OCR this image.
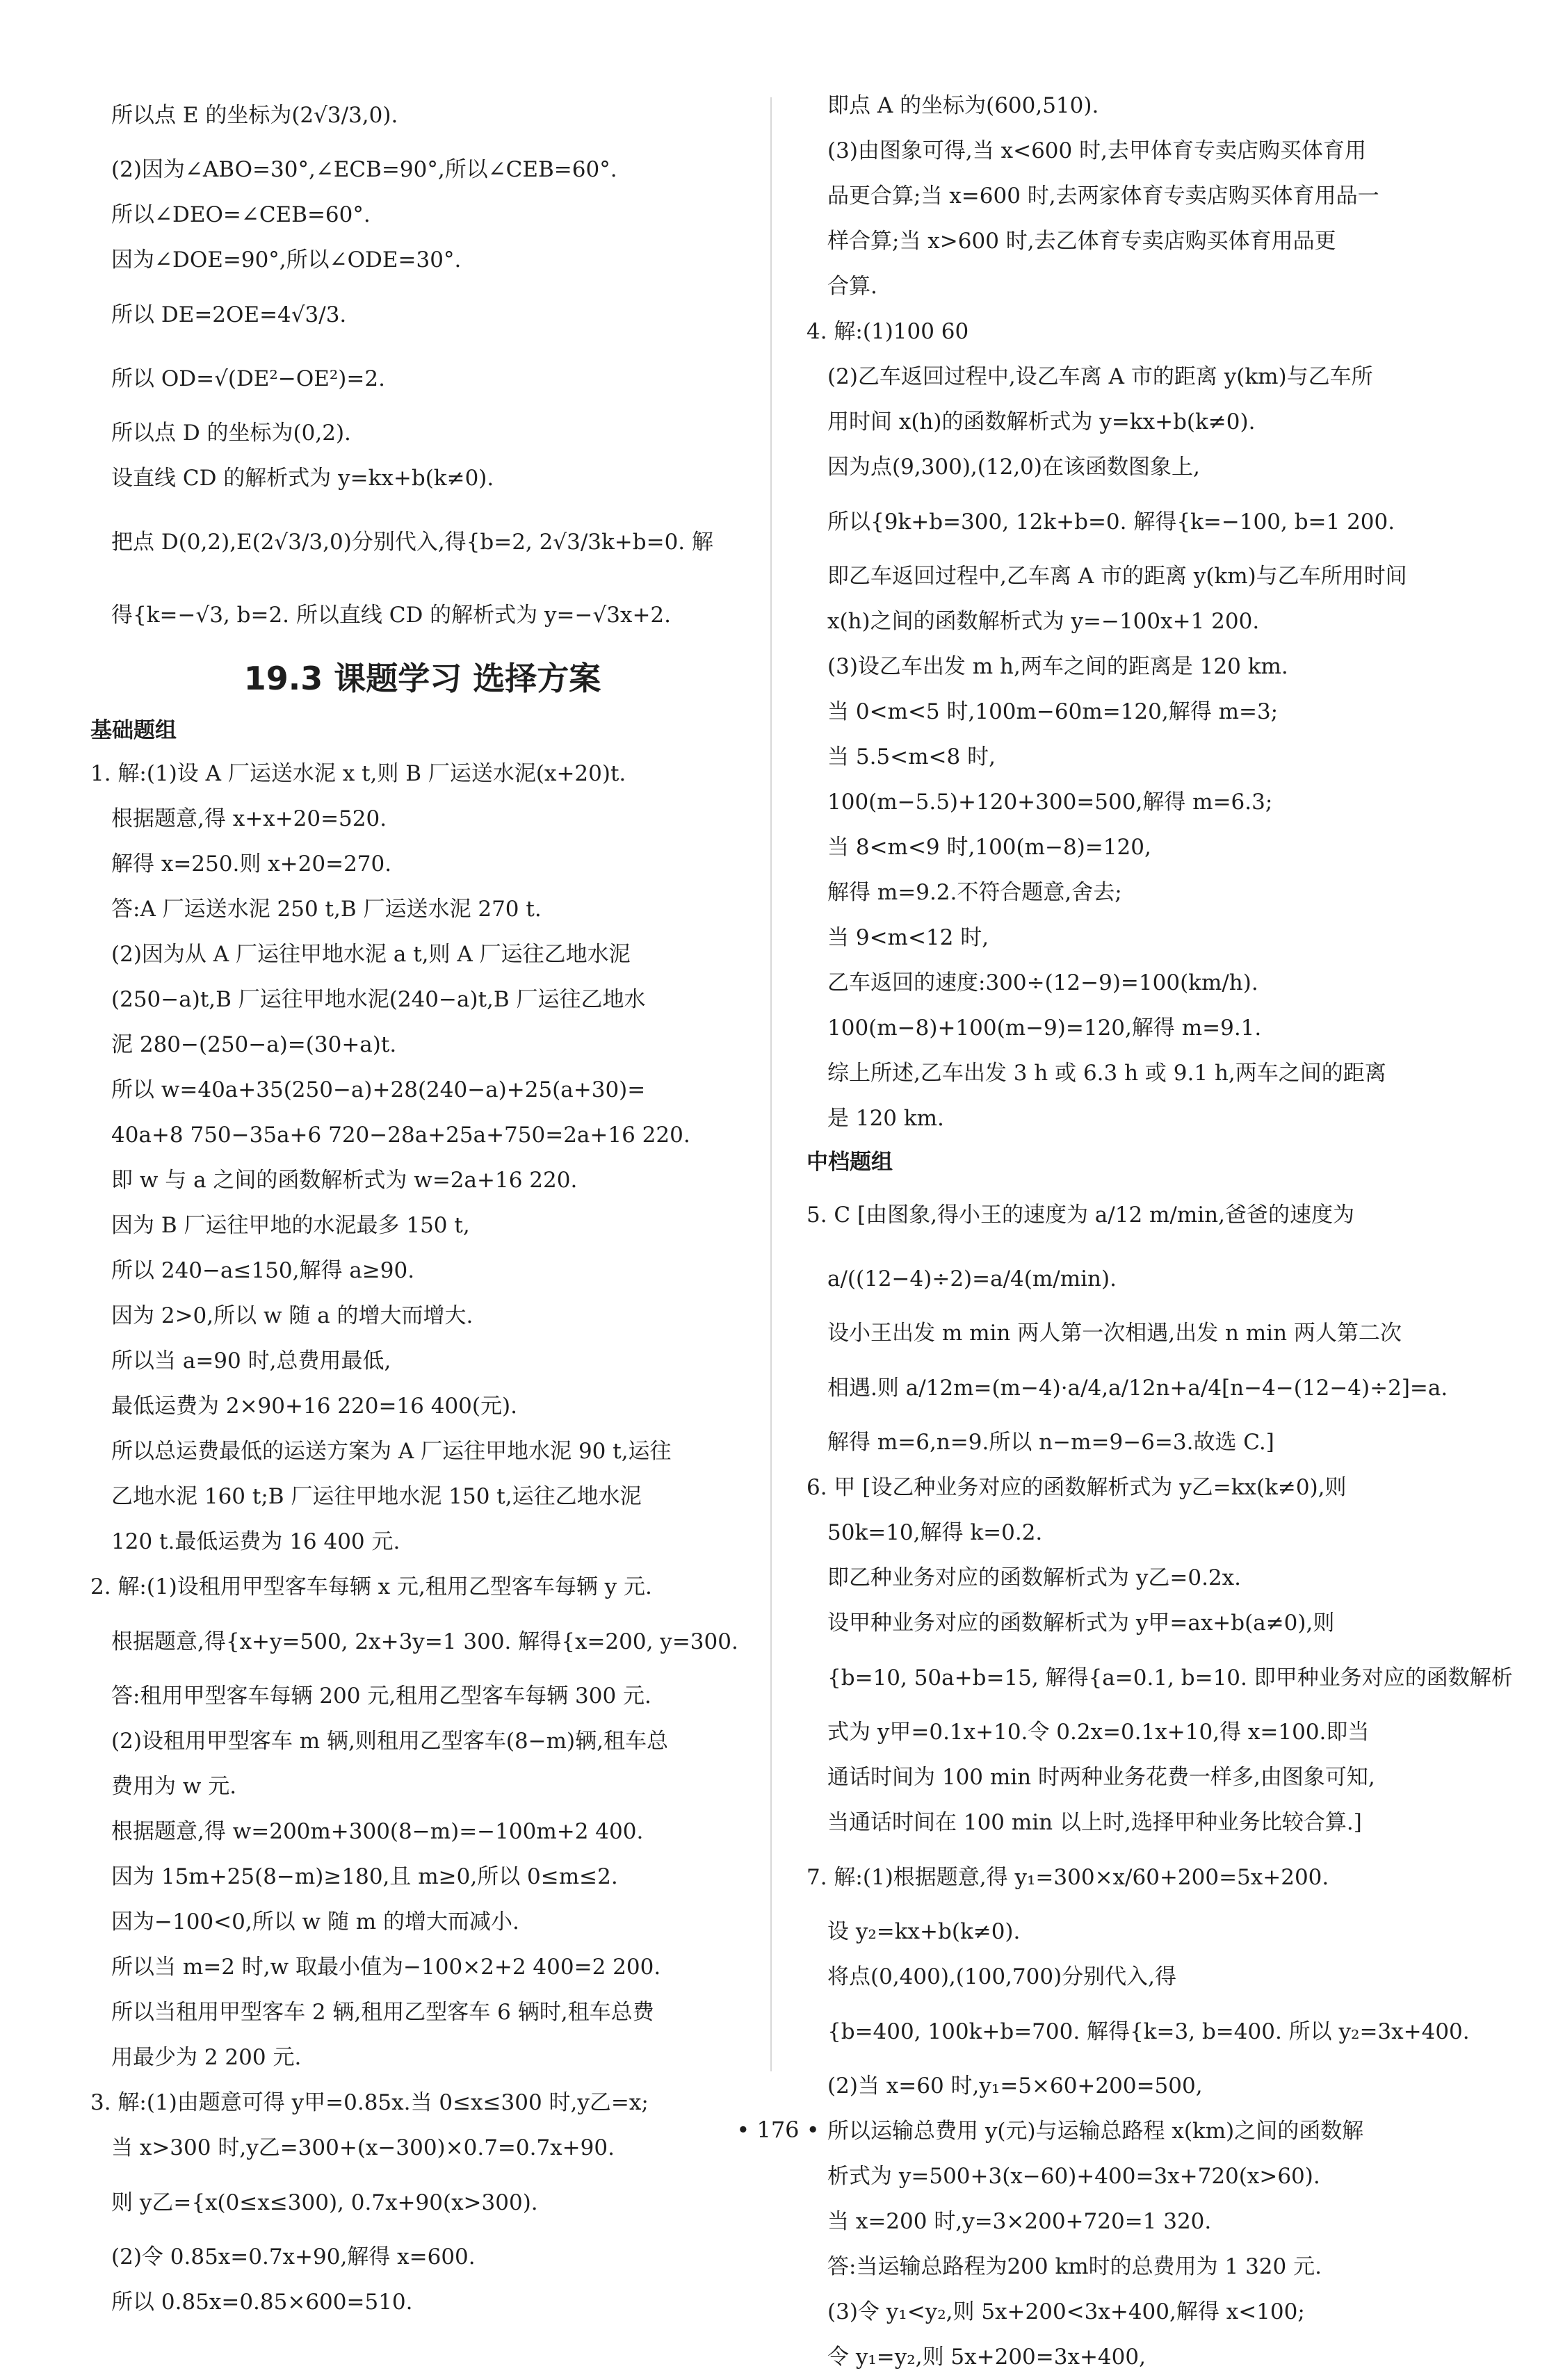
所以点 E 的坐标为(2√3/3,0).
(2)因为∠ABO=30°,∠ECB=90°,所以∠CEB=60°.
所以∠DEO=∠CEB=60°.
因为∠DOE=90°,所以∠ODE=30°.
所以 DE=2OE=4√3/3.
所以 OD=√(DE²−OE²)=2.
所以点 D 的坐标为(0,2).
设直线 CD 的解析式为 y=kx+b(k≠0).
把点 D(0,2),E(2√3/3,0)分别代入,得{b=2, 2√3/3k+b=0. 解
得{k=−√3, b=2. 所以直线 CD 的解析式为 y=−√3x+2.
19.3 课题学习 选择方案
基础题组
1. 解:(1)设 A 厂运送水泥 x t,则 B 厂运送水泥(x+20)t.
根据题意,得 x+x+20=520.
解得 x=250.则 x+20=270.
答:A 厂运送水泥 250 t,B 厂运送水泥 270 t.
(2)因为从 A 厂运往甲地水泥 a t,则 A 厂运往乙地水泥
(250−a)t,B 厂运往甲地水泥(240−a)t,B 厂运往乙地水
泥 280−(250−a)=(30+a)t.
所以 w=40a+35(250−a)+28(240−a)+25(a+30)=
40a+8 750−35a+6 720−28a+25a+750=2a+16 220.
即 w 与 a 之间的函数解析式为 w=2a+16 220.
因为 B 厂运往甲地的水泥最多 150 t,
所以 240−a≤150,解得 a≥90.
因为 2>0,所以 w 随 a 的增大而增大.
所以当 a=90 时,总费用最低,
最低运费为 2×90+16 220=16 400(元).
所以总运费最低的运送方案为 A 厂运往甲地水泥 90 t,运往
乙地水泥 160 t;B 厂运往甲地水泥 150 t,运往乙地水泥
120 t.最低运费为 16 400 元.
2. 解:(1)设租用甲型客车每辆 x 元,租用乙型客车每辆 y 元.
根据题意,得{x+y=500, 2x+3y=1 300. 解得{x=200, y=300.
答:租用甲型客车每辆 200 元,租用乙型客车每辆 300 元.
(2)设租用甲型客车 m 辆,则租用乙型客车(8−m)辆,租车总
费用为 w 元.
根据题意,得 w=200m+300(8−m)=−100m+2 400.
因为 15m+25(8−m)≥180,且 m≥0,所以 0≤m≤2.
因为−100<0,所以 w 随 m 的增大而减小.
所以当 m=2 时,w 取最小值为−100×2+2 400=2 200.
所以当租用甲型客车 2 辆,租用乙型客车 6 辆时,租车总费
用最少为 2 200 元.
3. 解:(1)由题意可得 y甲=0.85x.当 0≤x≤300 时,y乙=x;
当 x>300 时,y乙=300+(x−300)×0.7=0.7x+90.
则 y乙={x(0≤x≤300), 0.7x+90(x>300).
(2)令 0.85x=0.7x+90,解得 x=600.
所以 0.85x=0.85×600=510.
即点 A 的坐标为(600,510).
(3)由图象可得,当 x<600 时,去甲体育专卖店购买体育用
品更合算;当 x=600 时,去两家体育专卖店购买体育用品一
样合算;当 x>600 时,去乙体育专卖店购买体育用品更
合算.
4. 解:(1)100 60
(2)乙车返回过程中,设乙车离 A 市的距离 y(km)与乙车所
用时间 x(h)的函数解析式为 y=kx+b(k≠0).
因为点(9,300),(12,0)在该函数图象上,
所以{9k+b=300, 12k+b=0. 解得{k=−100, b=1 200.
即乙车返回过程中,乙车离 A 市的距离 y(km)与乙车所用时间
x(h)之间的函数解析式为 y=−100x+1 200.
(3)设乙车出发 m h,两车之间的距离是 120 km.
当 0<m<5 时,100m−60m=120,解得 m=3;
当 5.5<m<8 时,
100(m−5.5)+120+300=500,解得 m=6.3;
当 8<m<9 时,100(m−8)=120,
解得 m=9.2.不符合题意,舍去;
当 9<m<12 时,
乙车返回的速度:300÷(12−9)=100(km/h).
100(m−8)+100(m−9)=120,解得 m=9.1.
综上所述,乙车出发 3 h 或 6.3 h 或 9.1 h,两车之间的距离
是 120 km.
中档题组
5. C [由图象,得小王的速度为 a/12 m/min,爸爸的速度为
a/((12−4)÷2)=a/4(m/min).
设小王出发 m min 两人第一次相遇,出发 n min 两人第二次
相遇.则 a/12m=(m−4)·a/4,a/12n+a/4[n−4−(12−4)÷2]=a.
解得 m=6,n=9.所以 n−m=9−6=3.故选 C.]
6. 甲 [设乙种业务对应的函数解析式为 y乙=kx(k≠0),则
50k=10,解得 k=0.2.
即乙种业务对应的函数解析式为 y乙=0.2x.
设甲种业务对应的函数解析式为 y甲=ax+b(a≠0),则
{b=10, 50a+b=15, 解得{a=0.1, b=10. 即甲种业务对应的函数解析
式为 y甲=0.1x+10.令 0.2x=0.1x+10,得 x=100.即当
通话时间为 100 min 时两种业务花费一样多,由图象可知,
当通话时间在 100 min 以上时,选择甲种业务比较合算.]
7. 解:(1)根据题意,得 y₁=300×x/60+200=5x+200.
设 y₂=kx+b(k≠0).
将点(0,400),(100,700)分别代入,得
{b=400, 100k+b=700. 解得{k=3, b=400. 所以 y₂=3x+400.
(2)当 x=60 时,y₁=5×60+200=500,
所以运输总费用 y(元)与运输总路程 x(km)之间的函数解
析式为 y=500+3(x−60)+400=3x+720(x>60).
当 x=200 时,y=3×200+720=1 320.
答:当运输总路程为200 km时的总费用为 1 320 元.
(3)令 y₁<y₂,则 5x+200<3x+400,解得 x<100;
令 y₁=y₂,则 5x+200=3x+400,
• 176 •
